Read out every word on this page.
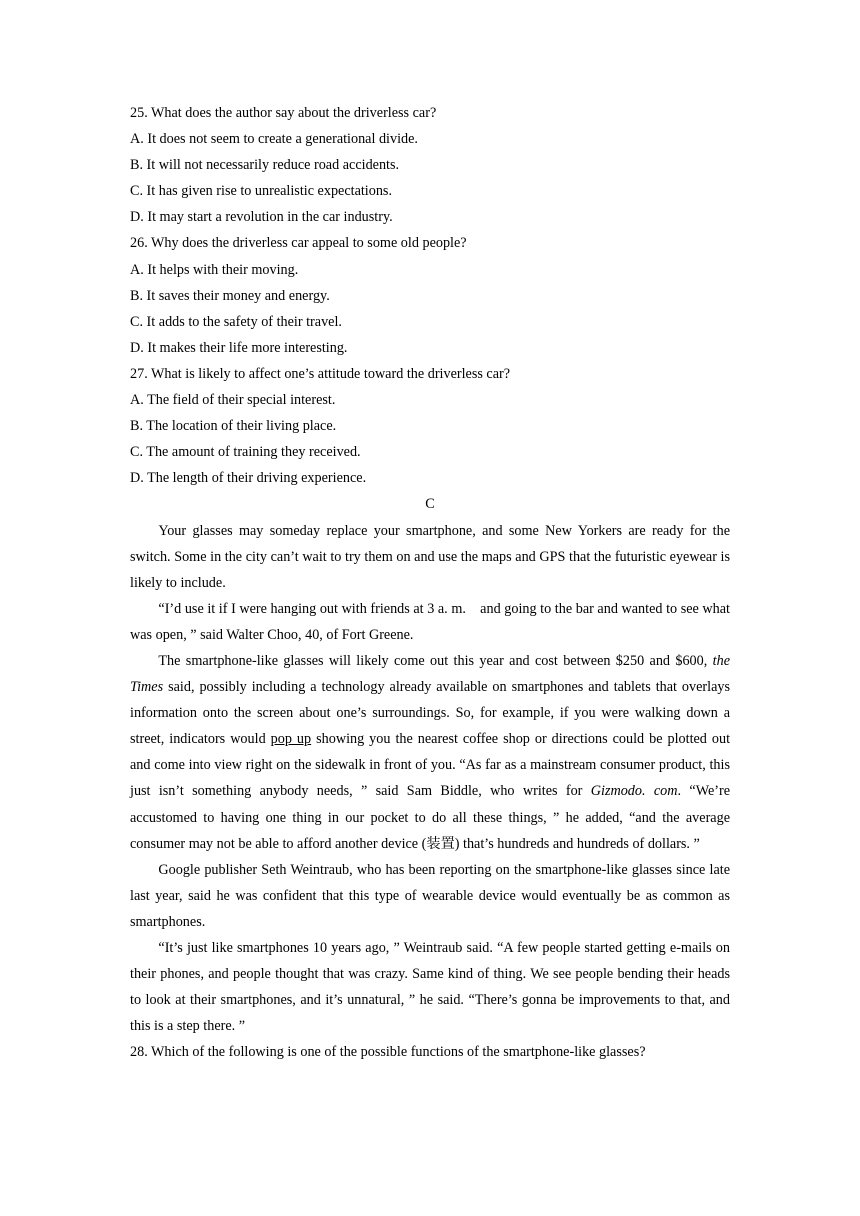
25. What does the author say about the driverless car?
A. It does not seem to create a generational divide.
B. It will not necessarily reduce road accidents.
C. It has given rise to unrealistic expectations.
D. It may start a revolution in the car industry.
26. Why does the driverless car appeal to some old people?
A. It helps with their moving.
B. It saves their money and energy.
C. It adds to the safety of their travel.
D. It makes their life more interesting.
27. What is likely to affect one’s attitude toward the driverless car?
A. The field of their special interest.
B. The location of their living place.
C. The amount of training they received.
D. The length of their driving experience.
C
Your glasses may someday replace your smartphone, and some New Yorkers are ready for the switch. Some in the city can’t wait to try them on and use the maps and GPS that the futuristic eyewear is likely to include.
“I’d use it if I were hanging out with friends at 3 a. m.　and going to the bar and wanted to see what was open, ” said Walter Choo, 40, of Fort Greene.
The smartphone-like glasses will likely come out this year and cost between $250 and $600, the Times said, possibly including a technology already available on smartphones and tablets that overlays information onto the screen about one’s surroundings. So, for example, if you were walking down a street, indicators would pop up showing you the nearest coffee shop or directions could be plotted out and come into view right on the sidewalk in front of you. “As far as a mainstream consumer product, this just isn’t something anybody needs, ” said Sam Biddle, who writes for Gizmodo. com. “We’re accustomed to having one thing in our pocket to do all these things, ” he added, “and the average consumer may not be able to afford another device (装置) that’s hundreds and hundreds of dollars. ”
Google publisher Seth Weintraub, who has been reporting on the smartphone-like glasses since late last year, said he was confident that this type of wearable device would eventually be as common as smartphones.
“It’s just like smartphones 10 years ago, ” Weintraub said. “A few people started getting e-mails on their phones, and people thought that was crazy. Same kind of thing. We see people bending their heads to look at their smartphones, and it’s unnatural, ” he said. “There’s gonna be improvements to that, and this is a step there. ”
28. Which of the following is one of the possible functions of the smartphone-like glasses?
